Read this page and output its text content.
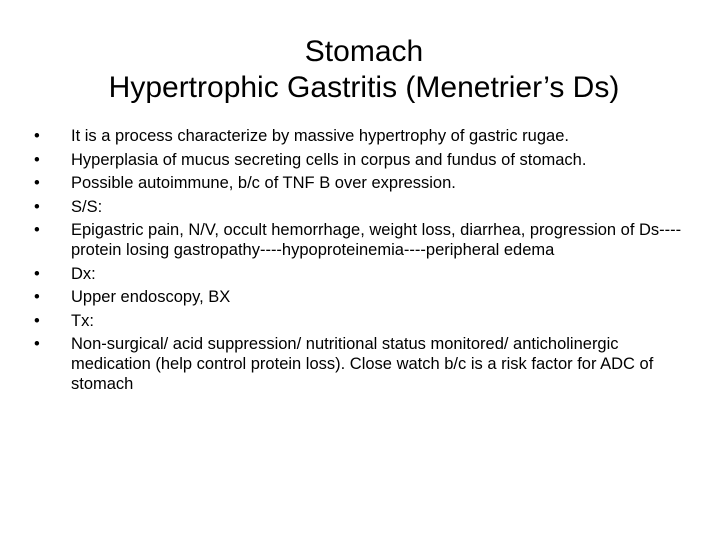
Stomach
Hypertrophic Gastritis (Menetrier’s Ds)
•	It is a process characterize by massive hypertrophy of gastric rugae.
•	Hyperplasia of mucus secreting cells in corpus and fundus of stomach.
•	Possible autoimmune, b/c of TNF B over expression.
•	S/S:
•	Epigastric pain, N/V, occult hemorrhage, weight loss, diarrhea, progression of Ds----protein losing gastropathy----hypoproteinemia----peripheral edema
•	Dx:
•	Upper endoscopy, BX
•	Tx:
•	Non-surgical/ acid suppression/ nutritional status monitored/ anticholinergic medication (help control protein loss). Close watch b/c is a risk factor for ADC of stomach
